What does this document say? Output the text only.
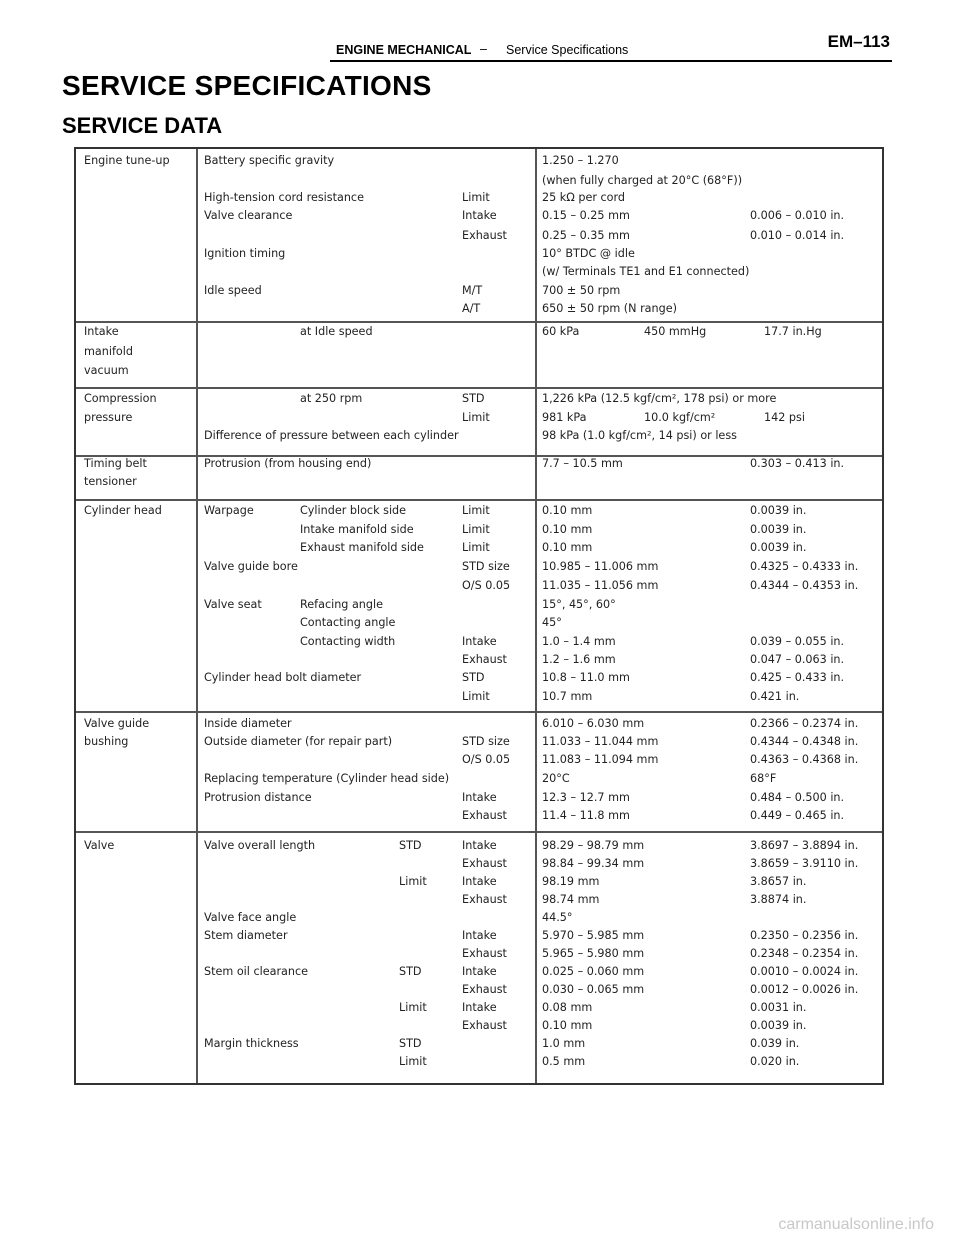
ENGINE MECHANICAL – Service Specifications	EM–113
SERVICE SPECIFICATIONS
SERVICE DATA
Engine tune-up	Battery specific gravity	1.250 – 1.270
(when fully charged at 20°C (68°F))
High-tension cord resistance	Limit	25 kΩ per cord
Valve clearance	Intake	0.15 – 0.25 mm	0.006 – 0.010 in.
Exhaust	0.25 – 0.35 mm	0.010 – 0.014 in.
Ignition timing	10° BTDC @ idle
(w/ Terminals TE1 and E1 connected)
Idle speed	M/T	700 ± 50 rpm
A/T	650 ± 50 rpm (N range)
Intake	at Idle speed	60 kPa	450 mmHg	17.7 in.Hg
manifold
vacuum
Compression	at 250 rpm	STD	1,226 kPa (12.5 kgf/cm², 178 psi) or more
pressure	Limit	981 kPa	10.0 kgf/cm²	142 psi
Difference of pressure between each cylinder	98 kPa (1.0 kgf/cm², 14 psi) or less
Timing belt	Protrusion (from housing end)	7.7 – 10.5 mm	0.303 – 0.413 in.
tensioner
Cylinder head	Warpage	Cylinder block side	Limit	0.10 mm	0.0039 in.
Intake manifold side	Limit	0.10 mm	0.0039 in.
Exhaust manifold side	Limit	0.10 mm	0.0039 in.
Valve guide bore	STD size	10.985 – 11.006 mm	0.4325 – 0.4333 in.
O/S 0.05	11.035 – 11.056 mm	0.4344 – 0.4353 in.
Valve seat	Refacing angle	15°, 45°, 60°
Contacting angle	45°
Contacting width	Intake	1.0 – 1.4 mm	0.039 – 0.055 in.
Exhaust	1.2 – 1.6 mm	0.047 – 0.063 in.
Cylinder head bolt diameter	STD	10.8 – 11.0 mm	0.425 – 0.433 in.
Limit	10.7 mm	0.421 in.
Valve guide	Inside diameter	6.010 – 6.030 mm	0.2366 – 0.2374 in.
bushing	Outside diameter (for repair part)	STD size	11.033 – 11.044 mm	0.4344 – 0.4348 in.
O/S 0.05	11.083 – 11.094 mm	0.4363 – 0.4368 in.
Replacing temperature (Cylinder head side)	20°C	68°F
Protrusion distance	Intake	12.3 – 12.7 mm	0.484 – 0.500 in.
Exhaust	11.4 – 11.8 mm	0.449 – 0.465 in.
Valve	Valve overall length	STD	Intake	98.29 – 98.79 mm	3.8697 – 3.8894 in.
Exhaust	98.84 – 99.34 mm	3.8659 – 3.9110 in.
Limit	Intake	98.19 mm	3.8657 in.
Exhaust	98.74 mm	3.8874 in.
Valve face angle	44.5°
Stem diameter	Intake	5.970 – 5.985 mm	0.2350 – 0.2356 in.
Exhaust	5.965 – 5.980 mm	0.2348 – 0.2354 in.
Stem oil clearance	STD	Intake	0.025 – 0.060 mm	0.0010 – 0.0024 in.
Exhaust	0.030 – 0.065 mm	0.0012 – 0.0026 in.
Limit	Intake	0.08 mm	0.0031 in.
Exhaust	0.10 mm	0.0039 in.
Margin thickness	STD	1.0 mm	0.039 in.
Limit	0.5 mm	0.020 in.
carmanualsonline.info
